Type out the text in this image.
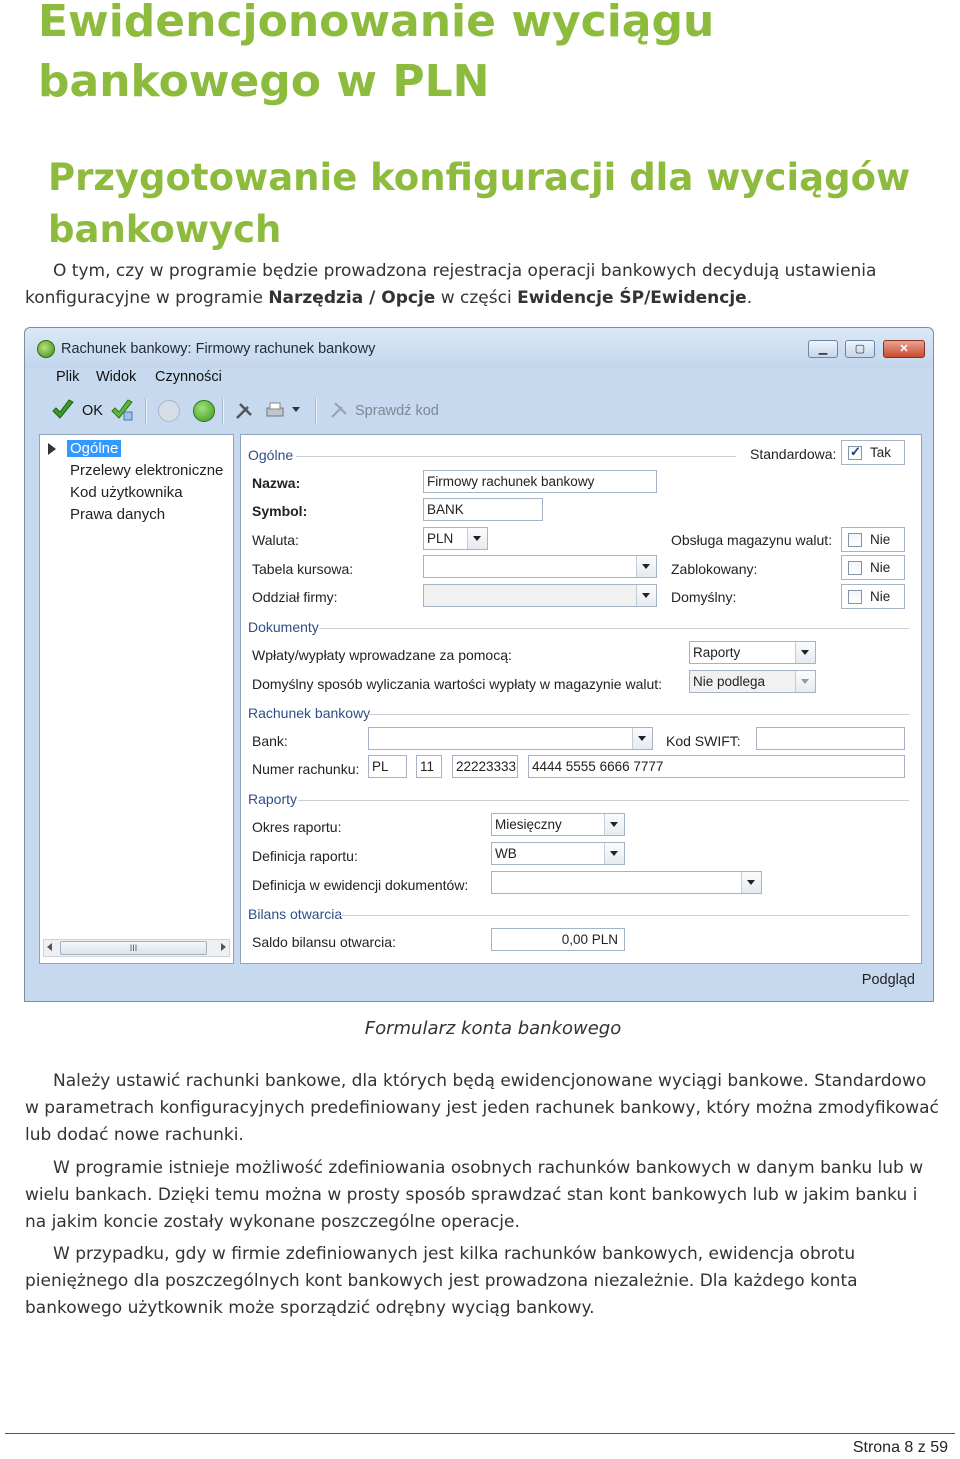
Ewidencjonowanie wyciągu bankowego w PLN
Przygotowanie konfiguracji dla wyciągów bankowych

O tym, czy w programie będzie prowadzona rejestracja operacji bankowych decydują ustawienia konfiguracyjne w programie Narzędzia / Opcje w części Ewidencje ŚP/Ewidencje.

Rachunek bankowy: Firmowy rachunek bankowy	▁	▢	✕
Plik Widok Czynności
OK	Sprawdź kod
Ogólne
Przelewy elektroniczne
Kod użytkownika
Prawa danych
III
Ogólne	Standardowa:
✓ Tak
Nazwa:	Firmowy rachunek bankowy
Symbol:	BANK
Waluta:	PLN	Obsługa magazynu walut:	Nie
Tabela kursowa:	Zablokowany:	Nie
Oddział firmy:	Domyślny:	Nie
Dokumenty
Wpłaty/wypłaty wprowadzane za pomocą:	Raporty
Domyślny sposób wyliczania wartości wypłaty w magazynie walut: Nie podlega
Rachunek bankowy
Bank:	Kod SWIFT:
Numer rachunku: PL	11	22223333 4444 5555 6666 7777
Raporty
Okres raportu:	Miesięczny
Definicja raportu:	WB
Definicja w ewidencji dokumentów:
Bilans otwarcia
Saldo bilansu otwarcia:	0,00 PLN
Podgląd
Formularz konta bankowego

Należy ustawić rachunki bankowe, dla których będą ewidencjonowane wyciągi bankowe. Standardowo w parametrach konfiguracyjnych predefiniowany jest jeden rachunek bankowy, który można zmodyfikować lub dodać nowe rachunki.

W programie istnieje możliwość zdefiniowania osobnych rachunków bankowych w danym banku lub w wielu bankach. Dzięki temu można w prosty sposób sprawdzać stan kont bankowych lub w jakim banku i na jakim koncie zostały wykonane poszczególne operacje.

W przypadku, gdy w firmie zdefiniowanych jest kilka rachunków bankowych, ewidencja obrotu pieniężnego dla poszczególnych kont bankowych jest prowadzona niezależnie. Dla każdego konta bankowego użytkownik może sporządzić odrębny wyciąg bankowy.

Strona 8 z 59
